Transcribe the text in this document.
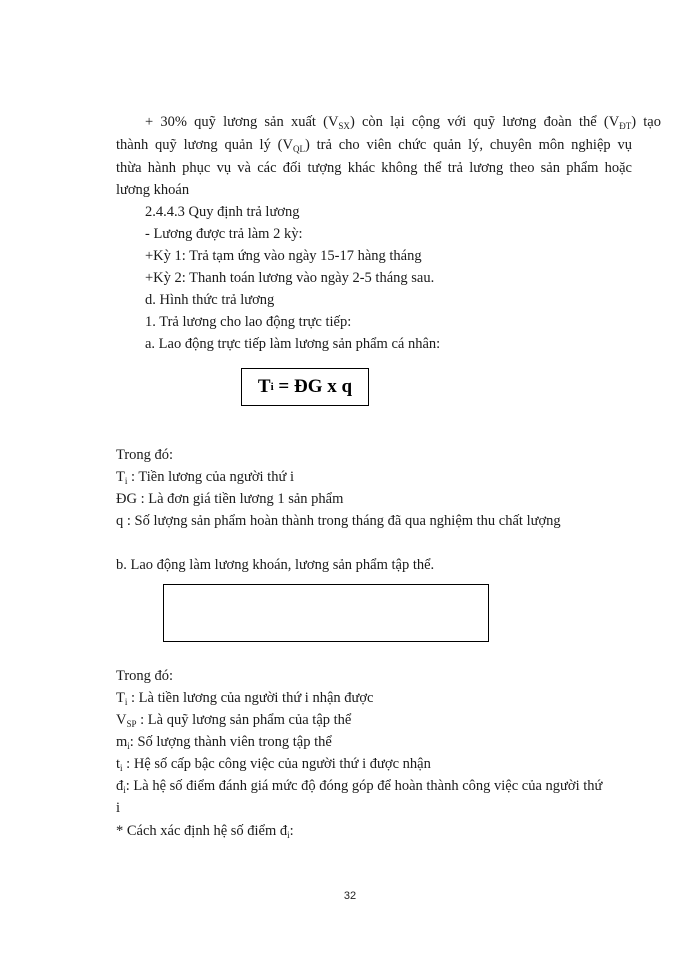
+ 30% quỹ lương sản xuất $(V_{SX})$ còn lại cộng với quỹ lương đoàn thể $(V_{ĐT})$ tạo
thành quỹ lương quản lý $(V_{QL})$ trả cho viên chức quản lý, chuyên môn nghiệp vụ
thừa hành phục vụ và các đối tượng khác không thể trả lương theo sản phẩm hoặc
lương khoán
2.4.4.3 Quy định trả lương
- Lương được trả làm 2 kỳ:
+Kỳ 1: Trả tạm ứng vào ngày 15-17 hàng tháng
+Kỳ 2: Thanh toán lương vào ngày 2-5 tháng sau.
d. Hình thức trả lương
1. Trả lương cho lao động trực tiếp:
a. Lao động trực tiếp làm lương sản phẩm cá nhân:
T i = ĐG x q
Trong đó:
$T_i$ : Tiền lương của người thứ i
ĐG : Là đơn giá tiền lương 1 sản phẩm
q : Số lượng sản phẩm hoàn thành trong tháng đã qua nghiệm thu chất lượng
b. Lao động làm lương khoán, lương sản phẩm tập thể.
Trong đó:
$T_i$ : Là tiền lương của người thứ i nhận được
$V_{SP}$ : Là quỹ lương sản phẩm của tập thể
$m_i$: Số lượng thành viên trong tập thể
$t_i$ : Hệ số cấp bậc công việc của người thứ i được nhận
$đ_i$: Là hệ số điểm đánh giá mức độ đóng góp để hoàn thành công việc của người thứ
i
* Cách xác định hệ số điểm $đ_i$:
32
